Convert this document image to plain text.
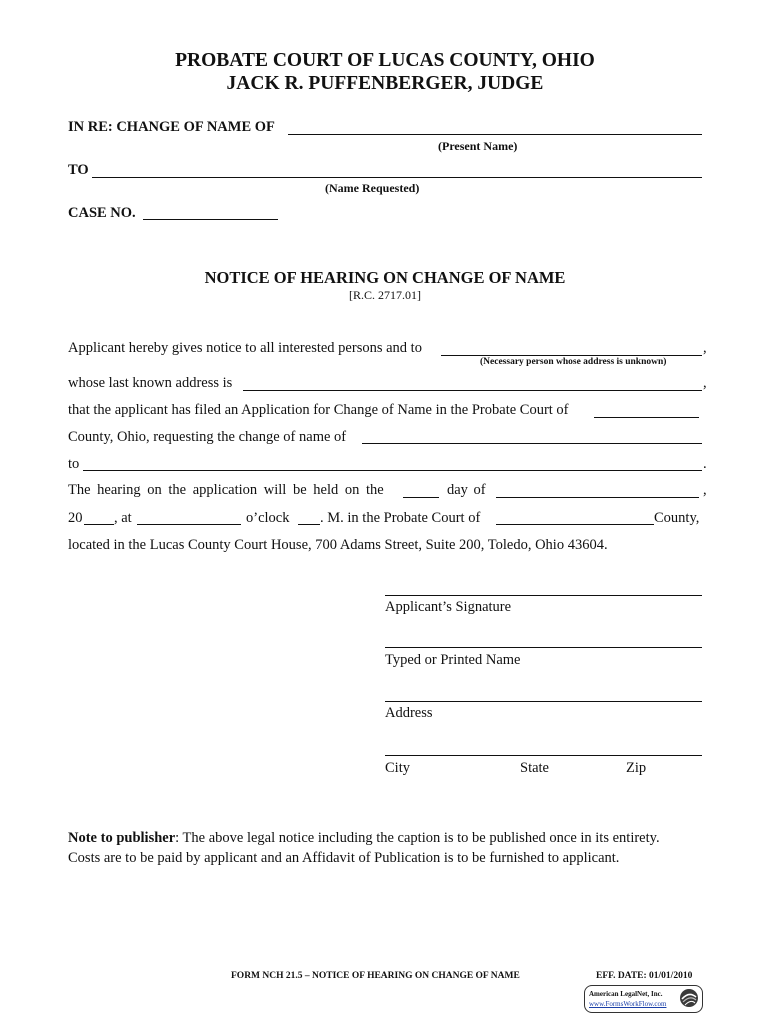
PROBATE COURT OF LUCAS COUNTY, OHIO
JACK R. PUFFENBERGER, JUDGE
IN RE: CHANGE OF NAME OF
(Present Name)
TO
(Name Requested)
CASE NO.
NOTICE OF HEARING ON CHANGE OF NAME
[R.C. 2717.01]
Applicant hereby gives notice to all interested persons and to	,
(Necessary person whose address is unknown)
whose last known address is	,
that the applicant has filed an Application for Change of Name in the Probate Court of
County, Ohio, requesting the change of name of
to	.
The hearing on the application will be held on the	day of	,
20 , at	o’clock . M. in the Probate Court of	County,
located in the Lucas County Court House, 700 Adams Street, Suite 200, Toledo, Ohio 43604.
Applicant’s Signature
Typed or Printed Name
Address
City	State	Zip
Note to publisher: The above legal notice including the caption is to be published once in its entirety.
Costs are to be paid by applicant and an Affidavit of Publication is to be furnished to applicant.
FORM NCH 21.5 – NOTICE OF HEARING ON CHANGE OF NAME	EFF. DATE: 01/01/2010
American LegalNet, Inc.
www.FormsWorkFlow.com
